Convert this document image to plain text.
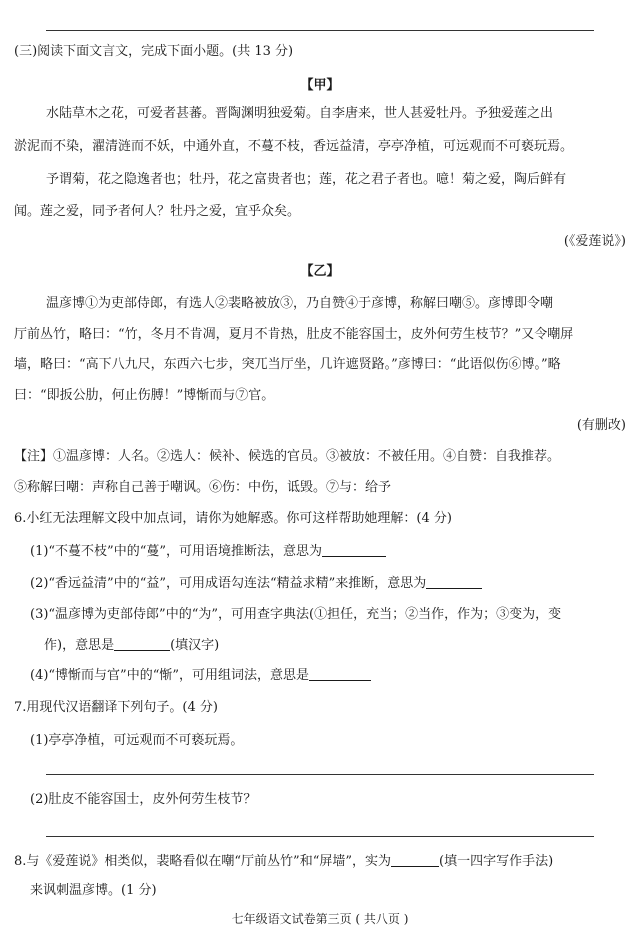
(三)阅读下面文言文，完成下面小题。(共 13 分)
【甲】
水陆草木之花，可爱者甚蕃。晋陶渊明独爱菊。自李唐来，世人甚爱牡丹。予独爱莲之出
淤泥而不染，濯清涟而不妖，中通外直，不蔓不枝，香远益清，亭亭净植，可远观而不可亵玩焉。
予谓菊，花之隐逸者也；牡丹，花之富贵者也；莲，花之君子者也。噫！菊之爱，陶后鲜有
闻。莲之爱，同予者何人？牡丹之爱，宜乎众矣。
(《爱莲说》)
【乙】
温彦博①为吏部侍郎，有选人②裴略被放③，乃自赞④于彦博，称解曰嘲⑤。彦博即令嘲
厅前丛竹，略曰：“竹，冬月不肯凋，夏月不肯热，肚皮不能容国士，皮外何劳生枝节？”又令嘲屏
墙，略曰：“高下八九尺，东西六七步，突兀当厅坐，几许遮贤路。”彦博曰：“此语似伤⑥博。”略
曰：“即扳公肋，何止伤膊！”博惭而与⑦官。
(有删改)
【注】①温彦博：人名。②选人：候补、候选的官员。③被放：不被任用。④自赞：自我推荐。
⑤称解曰嘲：声称自己善于嘲讽。⑥伤：中伤，诋毁。⑦与：给予
6.小红无法理解文段中加点词，请你为她解惑。你可这样帮助她理解：(4 分)
(1)“不蔓不枝”中的“蔓”，可用语境推断法，意思为
(2)“香远益清”中的“益”，可用成语勾连法“精益求精”来推断，意思为
(3)“温彦博为吏部侍郎”中的“为”，可用查字典法(①担任，充当；②当作，作为；③变为，变
作)，意思是	(填汉字)
(4)“博惭而与官”中的“惭”，可用组词法，意思是
7.用现代汉语翻译下列句子。(4 分)
(1)亭亭净植，可远观而不可亵玩焉。
(2)肚皮不能容国士，皮外何劳生枝节？
8.与《爱莲说》相类似，裴略看似在嘲“厅前丛竹”和“屏墙”，实为	(填一四字写作手法)
来讽刺温彦博。(1 分)
七年级语文试卷第三页 ( 共八页 )
